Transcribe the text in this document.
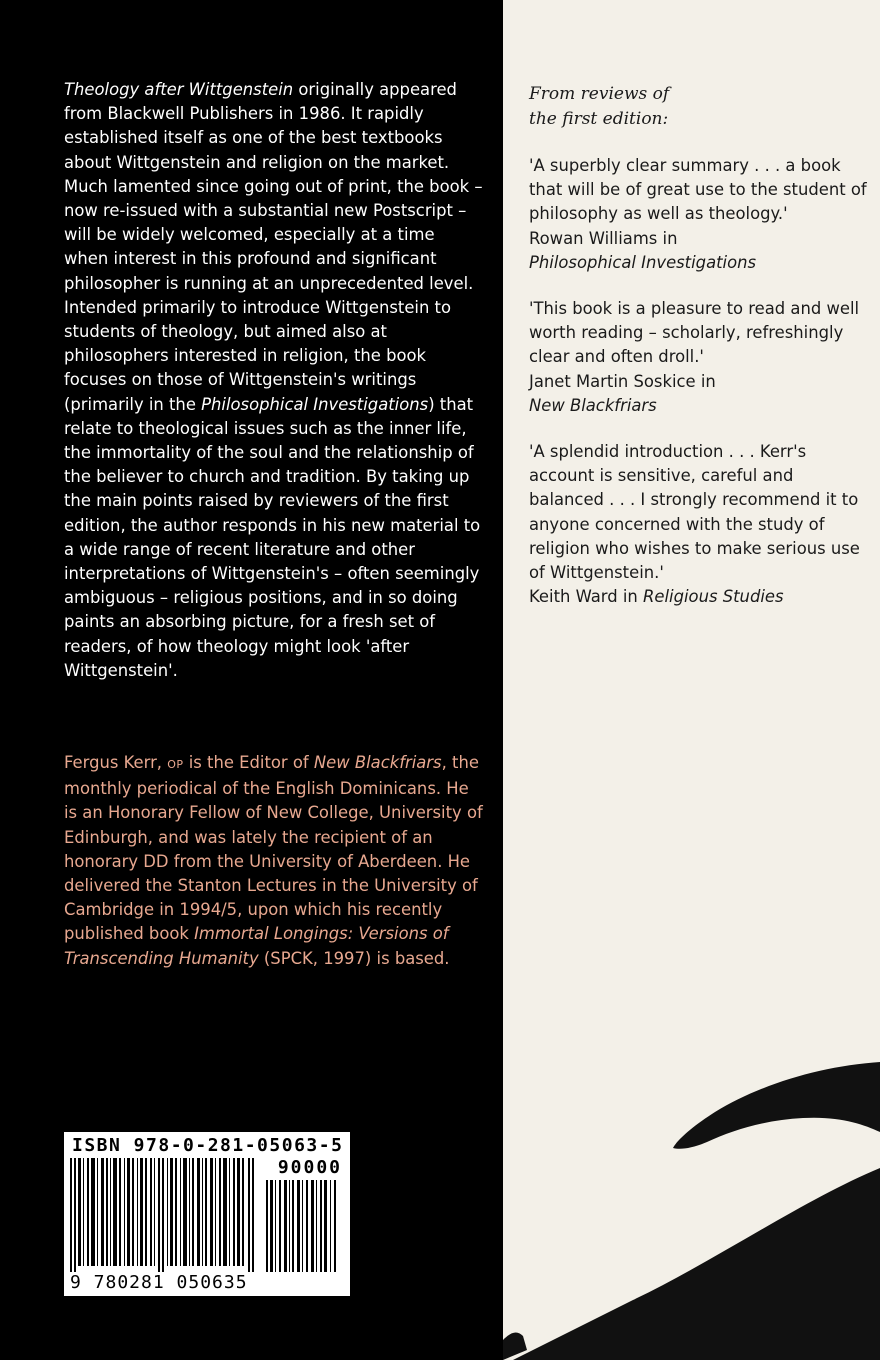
Theology after Wittgenstein originally appeared from Blackwell Publishers in 1986. It rapidly established itself as one of the best textbooks about Wittgenstein and religion on the market. Much lamented since going out of print, the book – now re-issued with a substantial new Postscript – will be widely welcomed, especially at a time when interest in this profound and significant philosopher is running at an unprecedented level. Intended primarily to introduce Wittgenstein to students of theology, but aimed also at philosophers interested in religion, the book focuses on those of Wittgenstein's writings (primarily in the Philosophical Investigations) that relate to theological issues such as the inner life, the immortality of the soul and the relationship of the believer to church and tradition. By taking up the main points raised by reviewers of the first edition, the author responds in his new material to a wide range of recent literature and other interpretations of Wittgenstein's – often seemingly ambiguous – religious positions, and in so doing paints an absorbing picture, for a fresh set of readers, of how theology might look 'after Wittgenstein'.
Fergus Kerr, OP is the Editor of New Blackfriars, the monthly periodical of the English Dominicans. He is an Honorary Fellow of New College, University of Edinburgh, and was lately the recipient of an honorary DD from the University of Aberdeen. He delivered the Stanton Lectures in the University of Cambridge in 1994/5, upon which his recently published book Immortal Longings: Versions of Transcending Humanity (SPCK, 1997) is based.
ISBN 978-0-281-05063-5
90000
9 780281 050635
From reviews of
the first edition:
'A superbly clear summary . . . a book that will be of great use to the student of philosophy as well as theology.'
Rowan Williams in
Philosophical Investigations
'This book is a pleasure to read and well worth reading – scholarly, refreshingly clear and often droll.'
Janet Martin Soskice in
New Blackfriars
'A splendid introduction . . . Kerr's account is sensitive, careful and balanced . . . I strongly recommend it to anyone concerned with the study of religion who wishes to make serious use of Wittgenstein.'
Keith Ward in Religious Studies
